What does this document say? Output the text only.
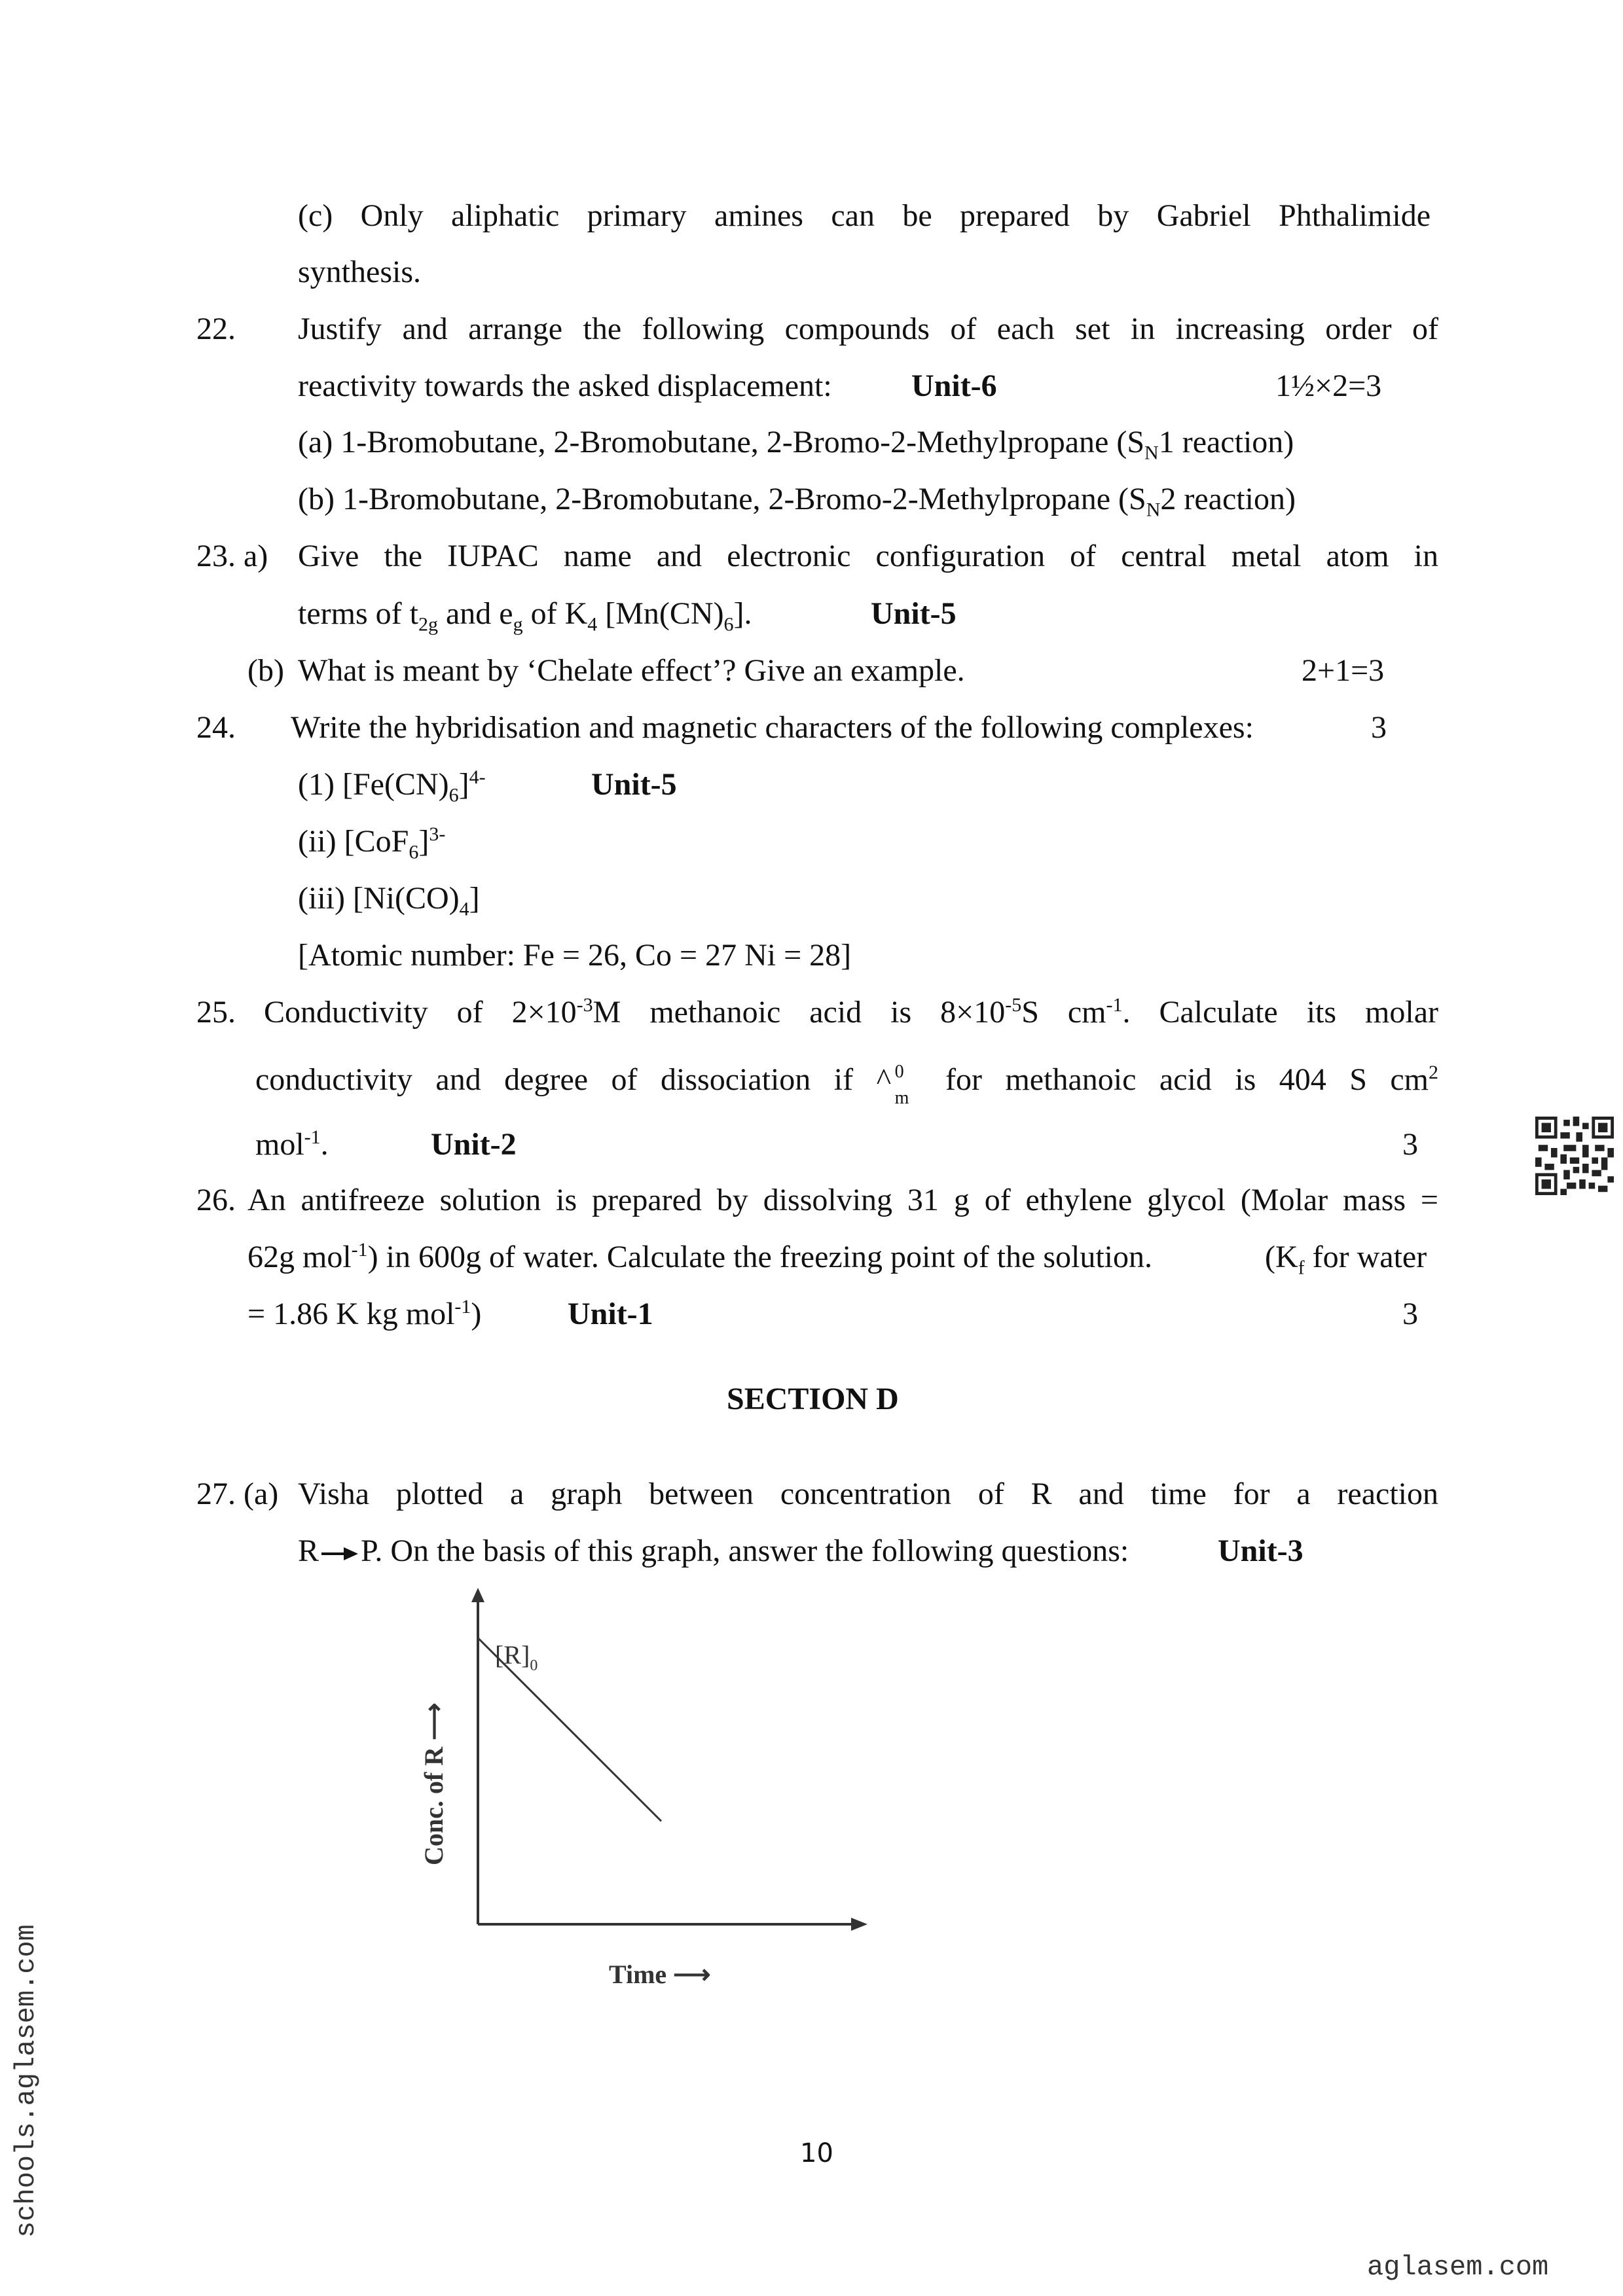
(c) Only aliphatic primary amines can be prepared by Gabriel Phthalimide
synthesis.
22. Justify and arrange the following compounds of each set in increasing order of
reactivity towards the asked displacement:	Unit-6	1½×2=3
(a) 1-Bromobutane, 2-Bromobutane, 2-Bromo-2-Methylpropane ($S_N1$ reaction)
(b) 1-Bromobutane, 2-Bromobutane, 2-Bromo-2-Methylpropane ($S_N2$ reaction)
23. a) Give the IUPAC name and electronic configuration of central metal atom in
terms of $t_{2g}$ and $e_g$ of $K_4$ $[Mn(CN)_6]$.	Unit-5
(b) What is meant by ‘Chelate effect’? Give an example.	2+1=3
24. Write the hybridisation and magnetic characters of the following complexes:	3
(1) $[Fe(CN)_6]^{4-}$	Unit-5
(ii) $[CoF_6]^{3-}$
(iii) $[Ni(CO)_4]$
[Atomic number: Fe = 26, Co = 27 Ni = 28]
25. Conductivity of $2\times 10^{-3}M$ methanoic acid is $8\times 10^{-5}S$ $cm^{-1}$. Calculate its molar
conductivity and degree of dissociation if ^ 0
m
for methanoic acid is 404 S $cm^2$
mol$^{-1}$.	Unit-2	3
26. An antifreeze solution is prepared by dissolving 31 g of ethylene glycol (Molar mass =
62g mol$^{-1}$) in 600g of water. Calculate the freezing point of the solution.	($K_f$ for water
= 1.86 K kg mol$^{-1}$)	Unit-1	3
SECTION D
27. (a) Visha plotted a graph between concentration of R and time for a reaction
R → P. On the basis of this graph, answer the following questions:	Unit-3
$[R]_0$
Conc. of R ⟶
Time ⟶
10
schools.aglasem.com
aglasem.com
